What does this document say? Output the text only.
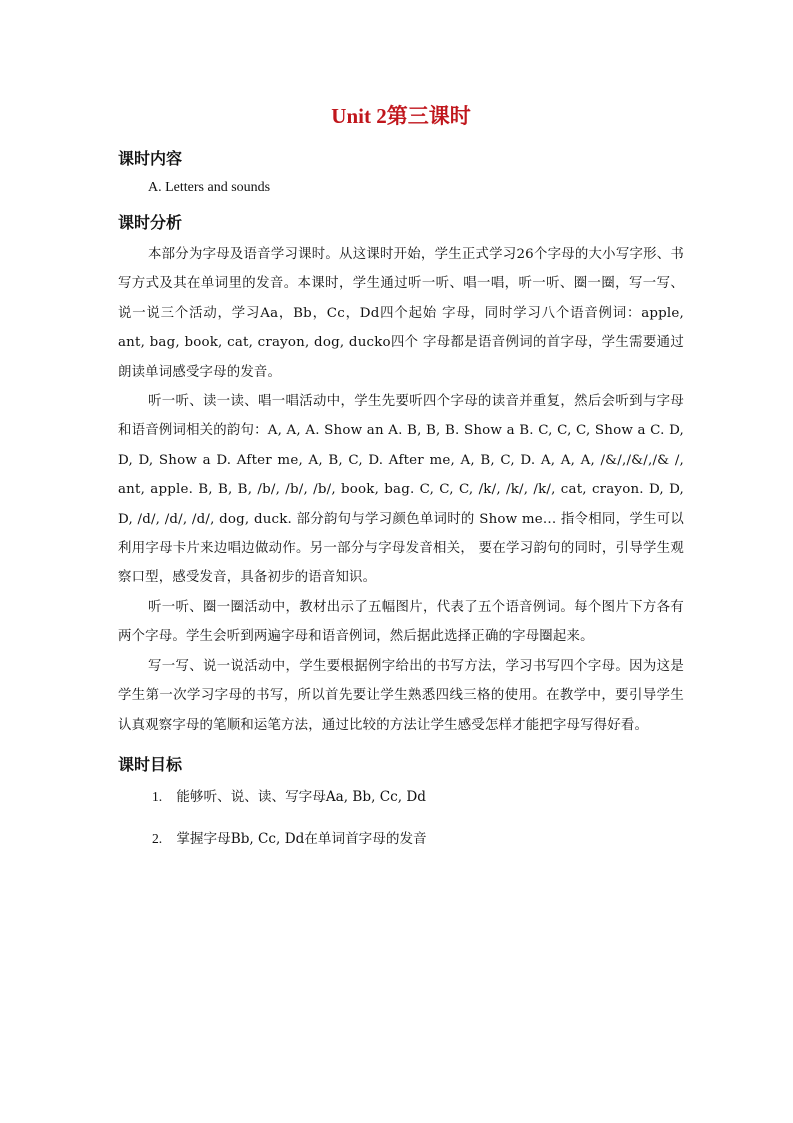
Unit 2第三课时
课时内容

A. Letters and sounds

课时分析

本部分为字母及语音学习课时。从这课时开始，学生正式学习26个字母的大小写字形、书写方式及其在单词里的发音。本课时，学生通过听一听、唱一唱，听一听、圈一圈，写一写、说一说三个活动，学习Aa，Bb，Cc，Dd四个起始 字母，同时学习八个语音例词：apple, ant, bag, book, cat, crayon, dog, ducko四个 字母都是语音例词的首字母，学生需要通过朗读单词感受字母的发音。

听一听、读一读、唱一唱活动中，学生先要听四个字母的读音并重复，然后会听到与字母和语音例词相关的韵句：A, A, A. Show an A. B, B, B. Show a B. C, C, C, Show a C. D, D, D, Show a D. After me, A, B, C, D. After me, A, B, C, D. A, A, A, /&/,/&/,/& /, ant, apple. B, B, B, /b/, /b/, /b/, book, bag. C, C, C, /k/, /k/, /k/, cat, crayon. D, D, D, /d/, /d/, /d/, dog, duck. 部分韵句与学习颜色单词时的 Show me... 指令相同，学生可以利用字母卡片来边唱边做动作。另一部分与字母发音相关， 要在学习韵句的同时，引导学生观察口型，感受发音，具备初步的语音知识。

听一听、圈一圈活动中，教材出示了五幅图片，代表了五个语音例词。每个图片下方各有两个字母。学生会听到两遍字母和语音例词，然后据此选择正确的字母圈起来。

写一写、说一说活动中，学生要根据例字给出的书写方法，学习书写四个字母。因为这是学生第一次学习字母的书写，所以首先要让学生熟悉四线三格的使用。在教学中，要引导学生认真观察字母的笔顺和运笔方法，通过比较的方法让学生感受怎样才能把字母写得好看。

课时目标
1. 能够听、说、读、写字母Aa, Bb, Cc, Dd
2. 掌握字母Bb, Cc, Dd在单词首字母的发音
